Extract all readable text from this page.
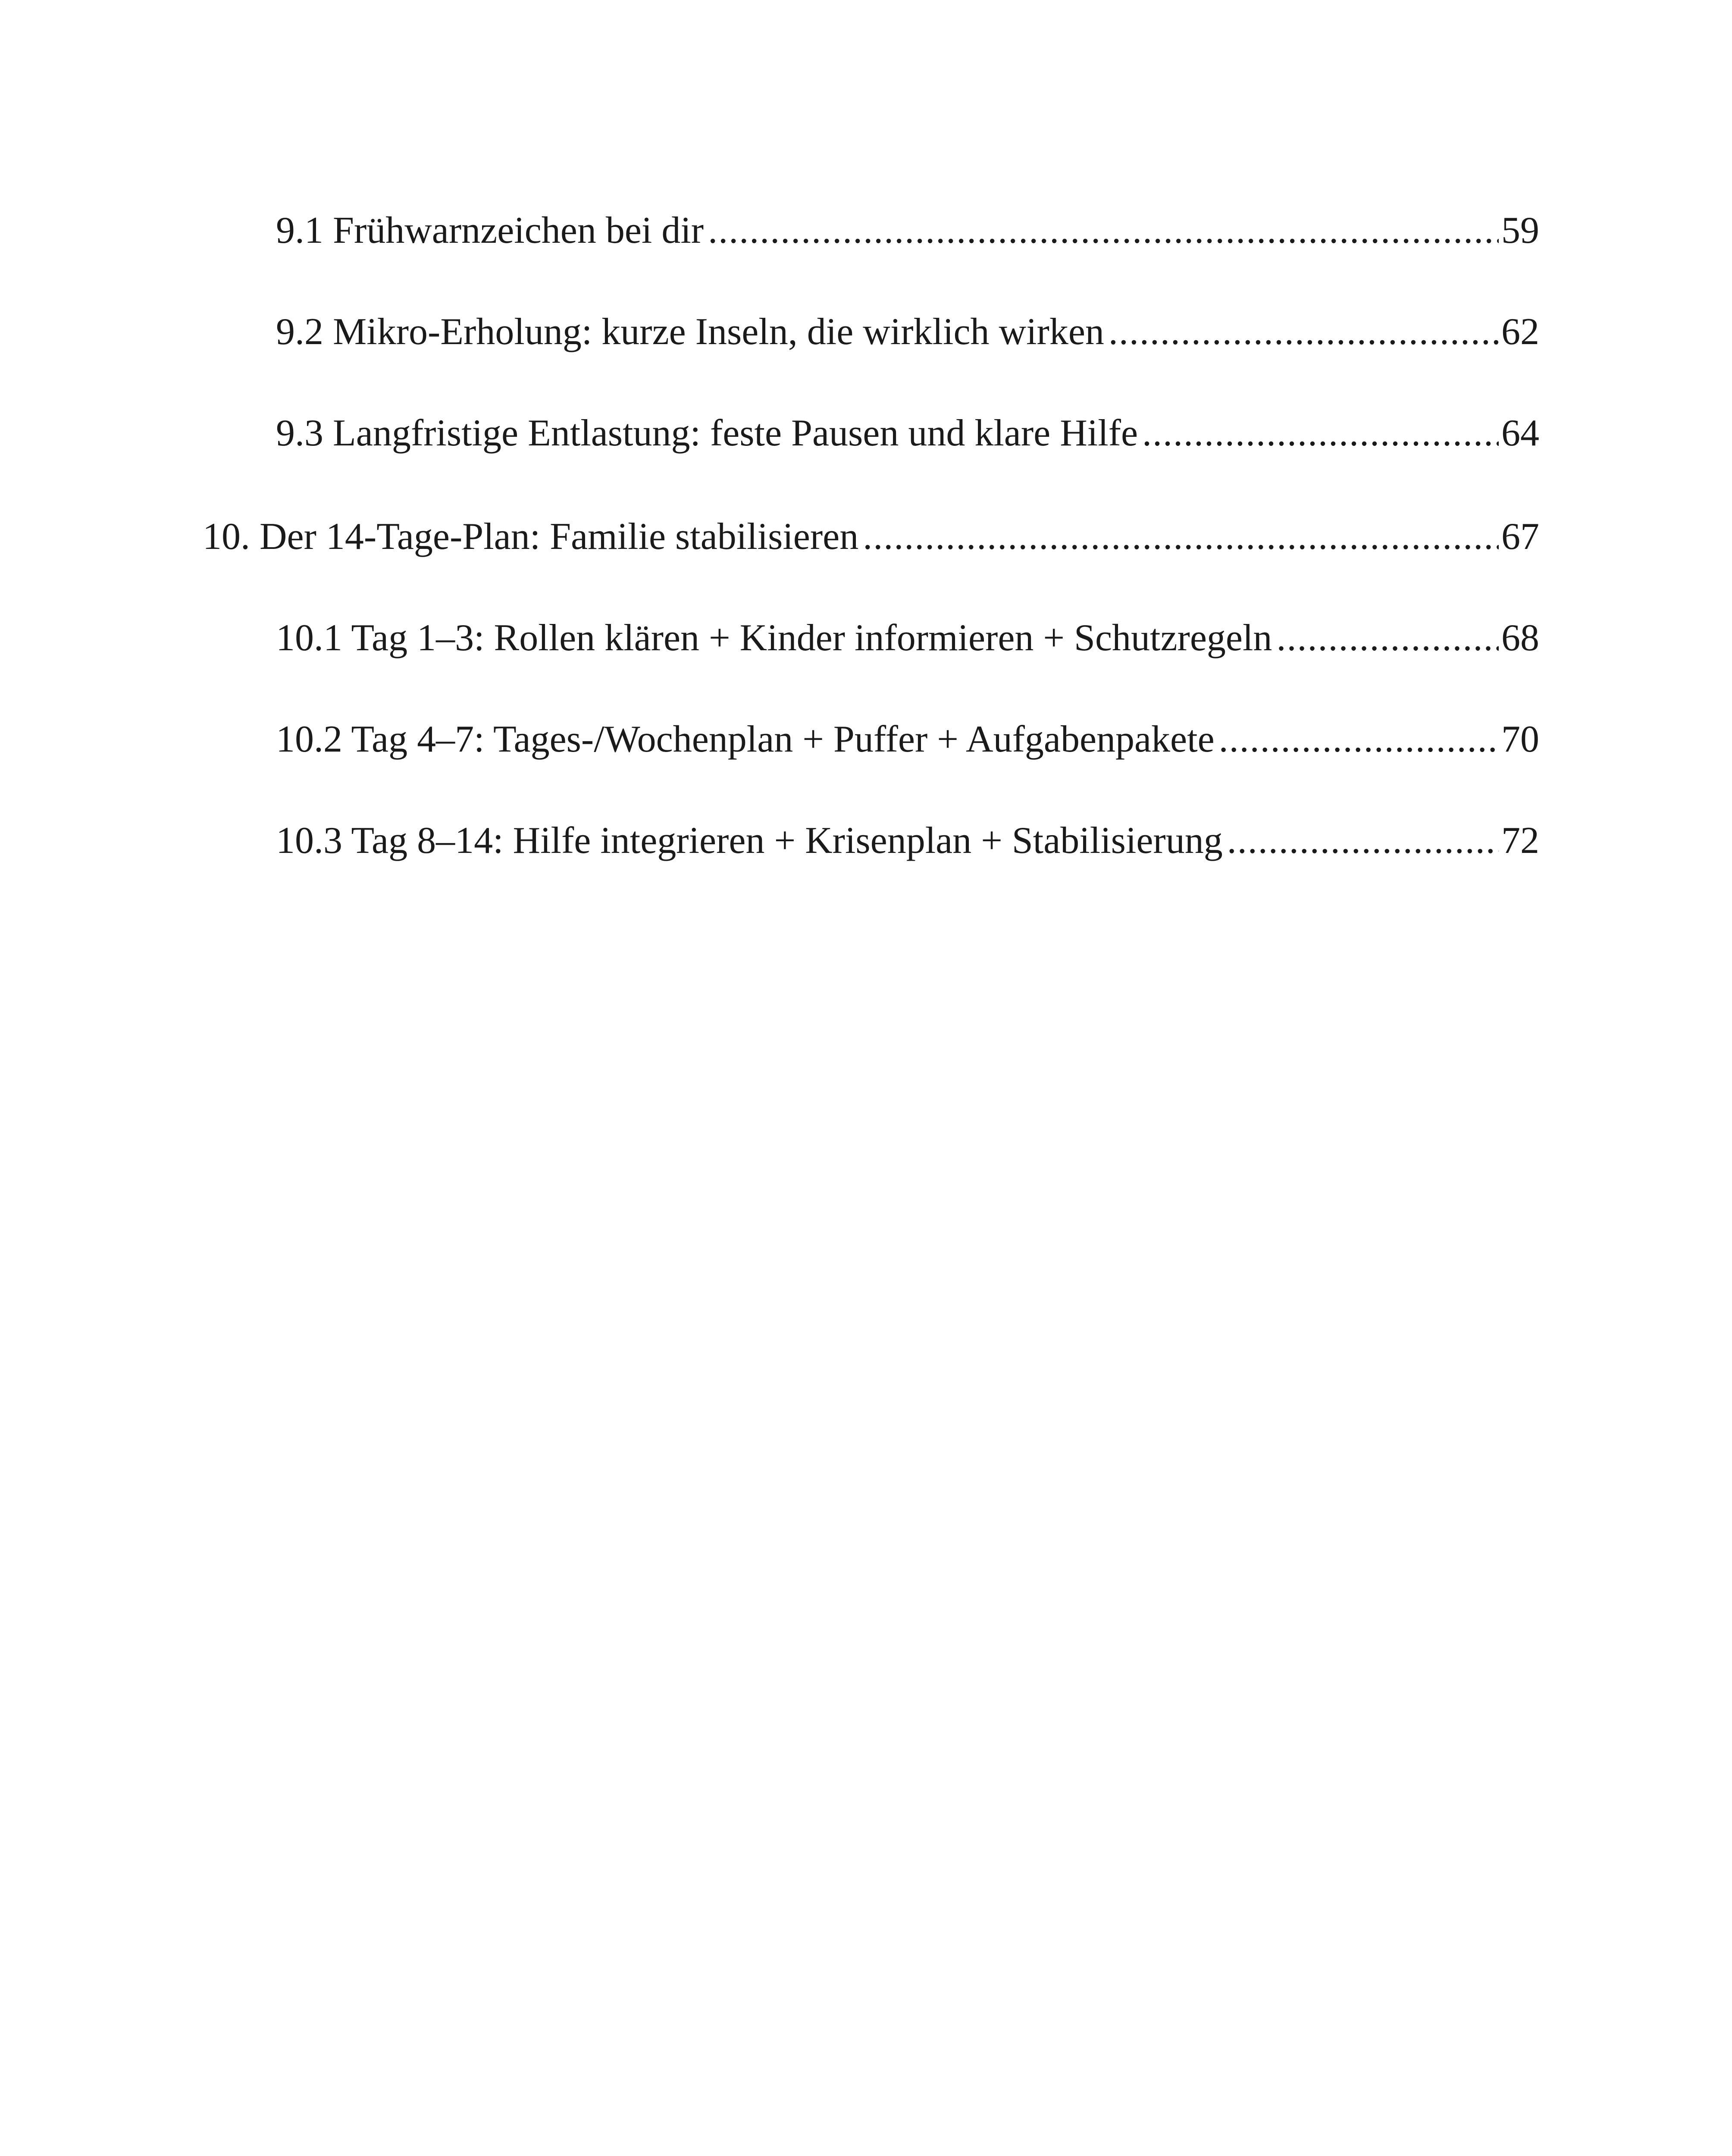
9.1 Frühwarnzeichen bei dir .....	59
9.2 Mikro-Erholung: kurze Inseln, die wirklich wirken .....	62
9.3 Langfristige Entlastung: feste Pausen und klare Hilfe .....	64
10. Der 14-Tage-Plan: Familie stabilisieren .....	67
10.1 Tag 1–3: Rollen klären + Kinder informieren + Schutzregeln .....	68
10.2 Tag 4–7: Tages-/Wochenplan + Puffer + Aufgabenpakete .....	70
10.3 Tag 8–14: Hilfe integrieren + Krisenplan + Stabilisierung .....	72
